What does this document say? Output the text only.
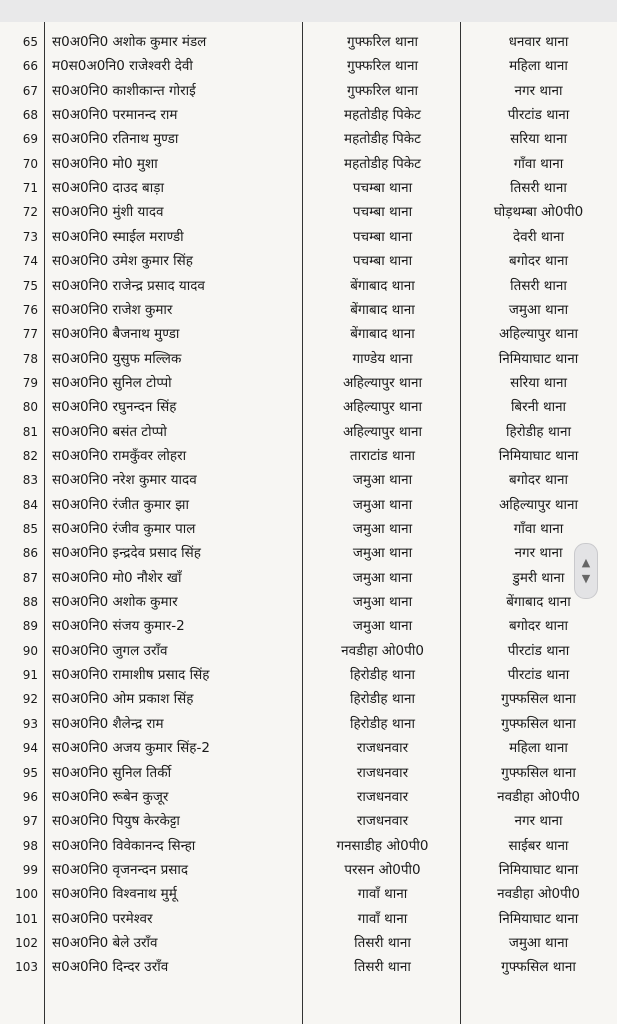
65 स0अ0नि0 अशोक कुमार मंडल	गुफ्फरिल थाना	धनवार थाना
66 म0स0अ0नि0 राजेश्वरी देवी	गुफ्फरिल थाना	महिला थाना
67 स0अ0नि0 काशीकान्त गोराई	गुफ्फरिल थाना	नगर थाना
68 स0अ0नि0 परमानन्द राम	महतोडीह पिकेट	पीरटांड थाना
69 स0अ0नि0 रतिनाथ मुण्डा	महतोडीह पिकेट	सरिया थाना
70 स0अ0नि0 मो0 मुशा	महतोडीह पिकेट	गाँवा थाना
71 स0अ0नि0 दाउद बाड़ा	पचम्बा थाना	तिसरी थाना
72 स0अ0नि0 मुंशी यादव	पचम्बा थाना	घोड़थम्बा ओ0पी0
73 स0अ0नि0 स्माईल मराण्डी	पचम्बा थाना	देवरी थाना
74 स0अ0नि0 उमेश कुमार सिंह	पचम्बा थाना	बगोदर थाना
75 स0अ0नि0 राजेन्द्र प्रसाद यादव	बेंगाबाद थाना	तिसरी थाना
76 स0अ0नि0 राजेश कुमार	बेंगाबाद थाना	जमुआ थाना
77 स0अ0नि0 बैजनाथ मुण्डा	बेंगाबाद थाना	अहिल्यापुर थाना
78 स0अ0नि0 युसुफ मल्लिक	गाण्डेय थाना	निमियाघाट थाना
79 स0अ0नि0 सुनिल टोप्पो	अहिल्यापुर थाना	सरिया थाना
80 स0अ0नि0 रघुनन्दन सिंह	अहिल्यापुर थाना	बिरनी थाना
81 स0अ0नि0 बसंत टोप्पो	अहिल्यापुर थाना	हिरोडीह थाना
82 स0अ0नि0 रामकुँवर लोहरा	ताराटांड थाना	निमियाघाट थाना
83 स0अ0नि0 नरेश कुमार यादव	जमुआ थाना	बगोदर थाना
84 स0अ0नि0 रंजीत कुमार झा	जमुआ थाना	अहिल्यापुर थाना
85 स0अ0नि0 रंजीव कुमार पाल	जमुआ थाना	गाँवा थाना
86 स0अ0नि0 इन्द्रदेव प्रसाद सिंह	जमुआ थाना	नगर थाना
87 स0अ0नि0 मो0 नौशेर खाँ	जमुआ थाना	डुमरी थाना
88 स0अ0नि0 अशोक कुमार	जमुआ थाना	बेंगाबाद थाना
89 स0अ0नि0 संजय कुमार-2	जमुआ थाना	बगोदर थाना
90 स0अ0नि0 जुगल उराँव	नवडीहा ओ0पी0	पीरटांड थाना
91 स0अ0नि0 रामाशीष प्रसाद सिंह	हिरोडीह थाना	पीरटांड थाना
92 स0अ0नि0 ओम प्रकाश सिंह	हिरोडीह थाना	गुफ्फसिल थाना
93 स0अ0नि0 शैलेन्द्र राम	हिरोडीह थाना	गुफ्फसिल थाना
94 स0अ0नि0 अजय कुमार सिंह-2	राजधनवार	महिला थाना
95 स0अ0नि0 सुनिल तिर्की	राजधनवार	गुफ्फसिल थाना
96 स0अ0नि0 रूबेन कुजूर	राजधनवार	नवडीहा ओ0पी0
97 स0अ0नि0 पियुष केरकेट्टा	राजधनवार	नगर थाना
98 स0अ0नि0 विवेकानन्द सिन्हा	गनसाडीह ओ0पी0	साईबर थाना
99 स0अ0नि0 वृजनन्दन प्रसाद	परसन ओ0पी0	निमियाघाट थाना
100 स0अ0नि0 विश्वनाथ मुर्मू	गावाँ थाना	नवडीहा ओ0पी0
101 स0अ0नि0 परमेश्वर	गावाँ थाना	निमियाघाट थाना
102 स0अ0नि0 बेले उराँव	तिसरी थाना	जमुआ थाना
103 स0अ0नि0 दिन्दर उराँव	तिसरी थाना	गुफ्फसिल थाना
▲
▼
